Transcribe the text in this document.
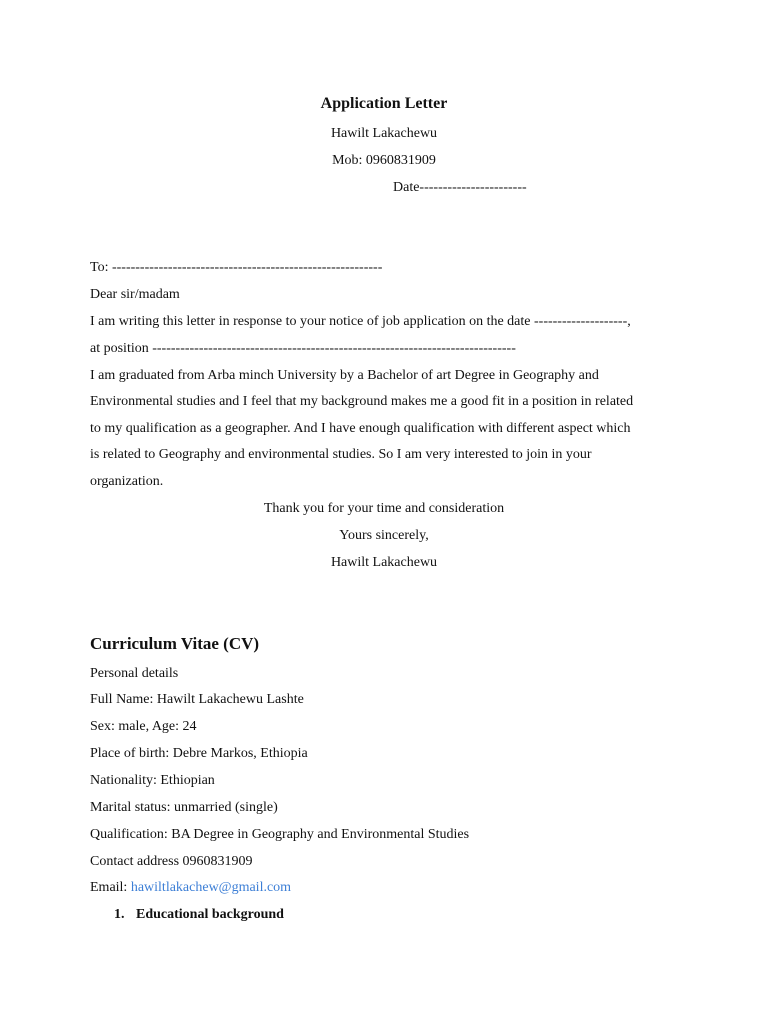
Application Letter
Hawilt Lakachewu
Mob: 0960831909
Date-----------------------
To: ----------------------------------------------------------
Dear sir/madam
I am writing this letter in response to your notice of job application on the date --------------------,
at position ------------------------------------------------------------------------------
I am graduated from Arba minch University by a Bachelor of art Degree in Geography and
Environmental studies and I feel that my background makes me a good fit in a position in related
to my qualification as a geographer. And I have enough qualification with different aspect which
is related to Geography and environmental studies. So I am very interested to join in your
organization.
Thank you for your time and consideration
Yours sincerely,
Hawilt Lakachewu
Curriculum Vitae (CV)
Personal details
Full Name: Hawilt Lakachewu Lashte
Sex: male, Age: 24
Place of birth: Debre Markos, Ethiopia
Nationality: Ethiopian
Marital status: unmarried (single)
Qualification: BA Degree in Geography and Environmental Studies
Contact address 0960831909
Email: hawiltlakachew@gmail.com
1. Educational background
